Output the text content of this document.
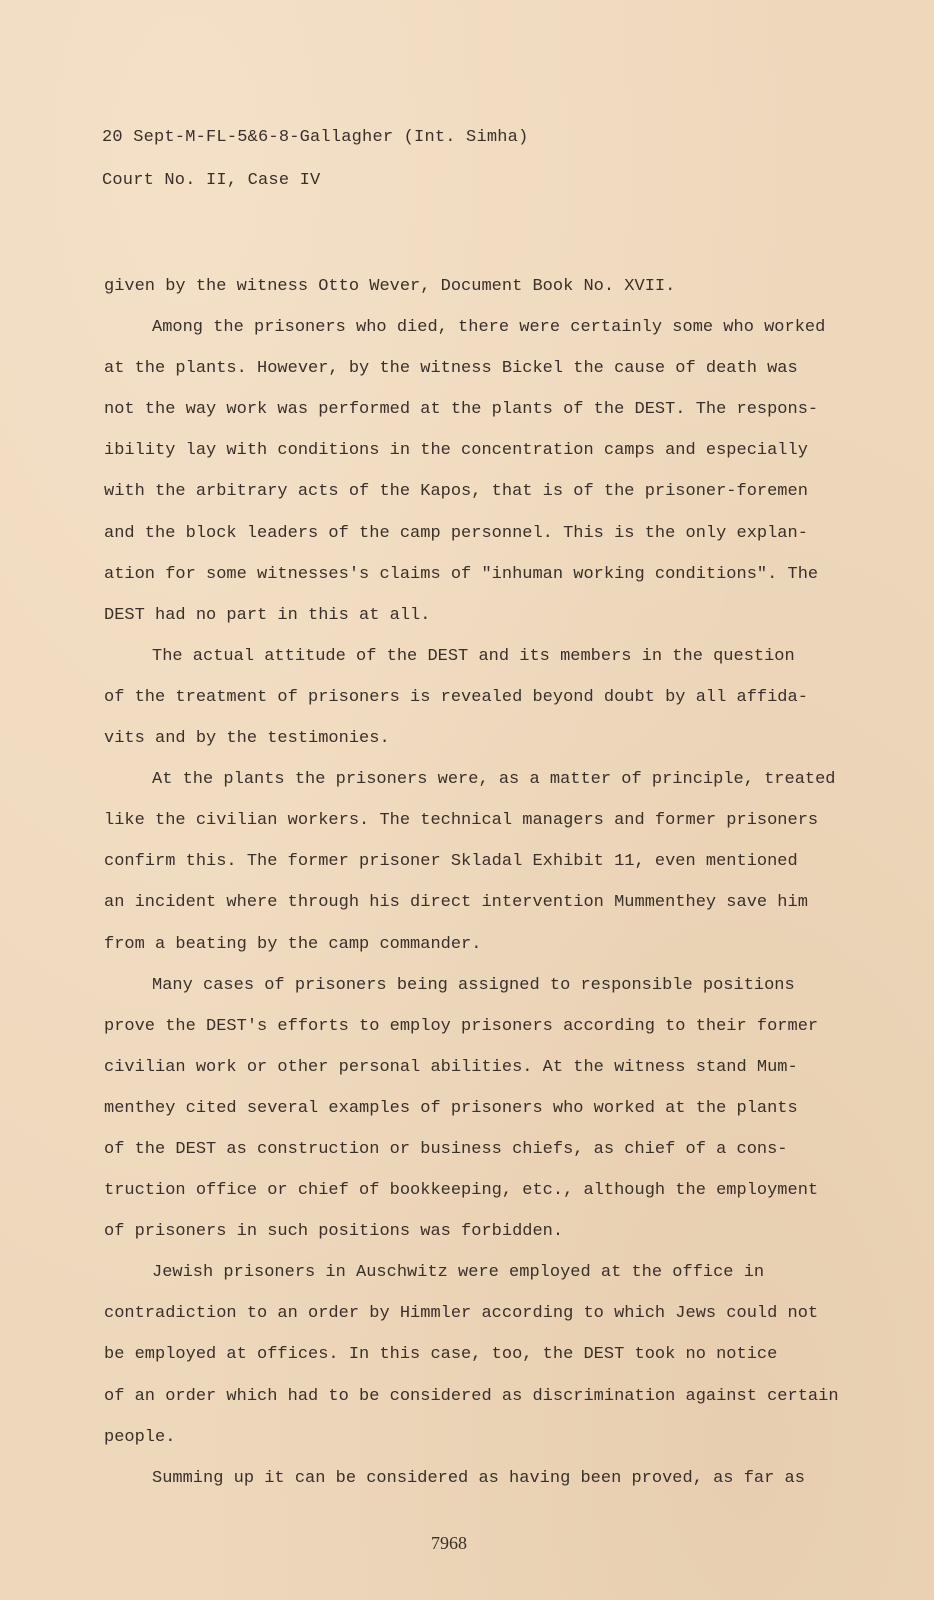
20 Sept-M-FL-5&6-8-Gallagher (Int. Simha)
Court No. II, Case IV
given by the witness Otto Wever, Document Book No. XVII.
Among the prisoners who died, there were certainly some who worked
at the plants. However, by the witness Bickel the cause of death was
not the way work was performed at the plants of the DEST. The respons-
ibility lay with conditions in the concentration camps and especially
with the arbitrary acts of the Kapos, that is of the prisoner-foremen
and the block leaders of the camp personnel. This is the only explan-
ation for some witnesses's claims of "inhuman working conditions". The
DEST had no part in this at all.
The actual attitude of the DEST and its members in the question
of the treatment of prisoners is revealed beyond doubt by all affida-
vits and by the testimonies.
At the plants the prisoners were, as a matter of principle, treated
like the civilian workers. The technical managers and former prisoners
confirm this. The former prisoner Skladal Exhibit 11, even mentioned
an incident where through his direct intervention Mummenthey save him
from a beating by the camp commander.
Many cases of prisoners being assigned to responsible positions
prove the DEST's efforts to employ prisoners according to their former
civilian work or other personal abilities. At the witness stand Mum-
menthey cited several examples of prisoners who worked at the plants
of the DEST as construction or business chiefs, as chief of a cons-
truction office or chief of bookkeeping, etc., although the employment
of prisoners in such positions was forbidden.
Jewish prisoners in Auschwitz were employed at the office in
contradiction to an order by Himmler according to which Jews could not
be employed at offices. In this case, too, the DEST took no notice
of an order which had to be considered as discrimination against certain
people.
Summing up it can be considered as having been proved, as far as
7968
